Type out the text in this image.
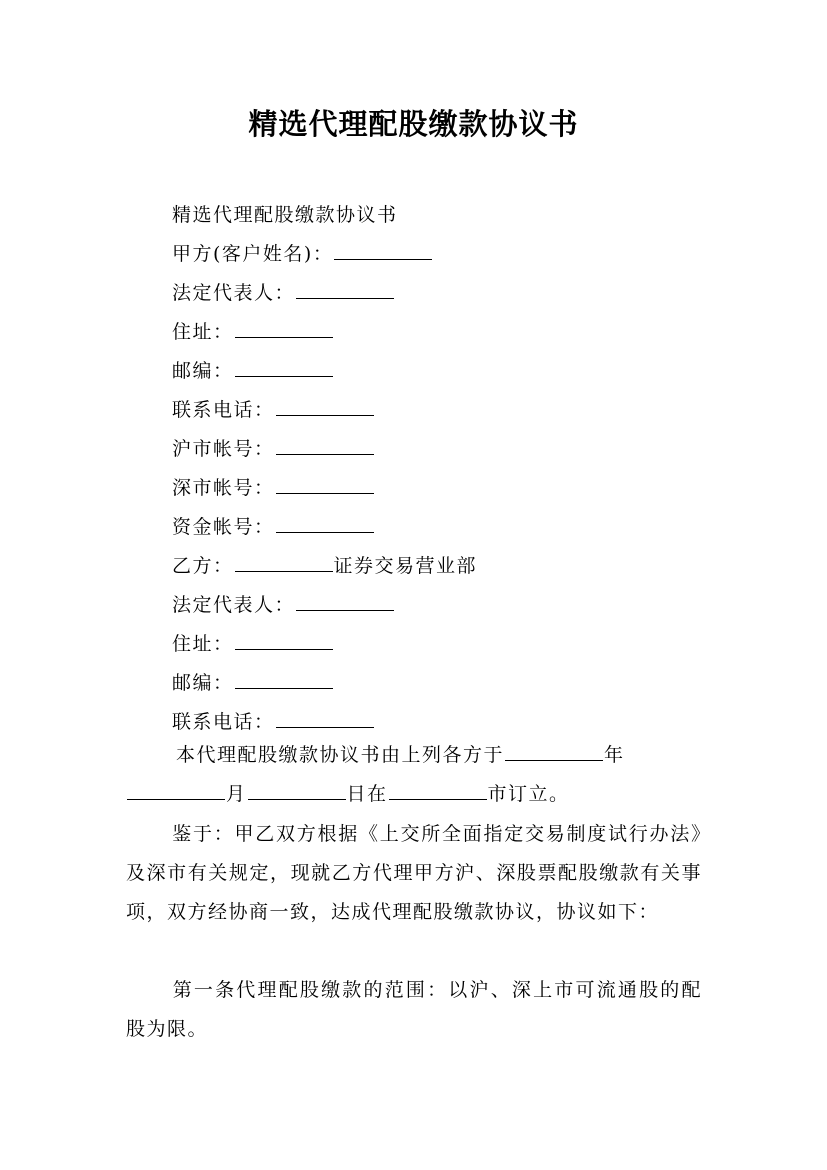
精选代理配股缴款协议书
精选代理配股缴款协议书
甲方(客户姓名)：
法定代表人：
住址：
邮编：
联系电话：
沪市帐号：
深市帐号：
资金帐号：
乙方：	证券交易营业部
法定代表人：
住址：
邮编：
联系电话：
本代理配股缴款协议书由上列各方于	年
月	日在	市订立。
鉴于：甲乙双方根据《上交所全面指定交易制度试行办法》及深市有关规定，现就乙方代理甲方沪、深股票配股缴款有关事项，双方经协商一致，达成代理配股缴款协议，协议如下：
第一条代理配股缴款的范围：以沪、深上市可流通股的配股为限。
